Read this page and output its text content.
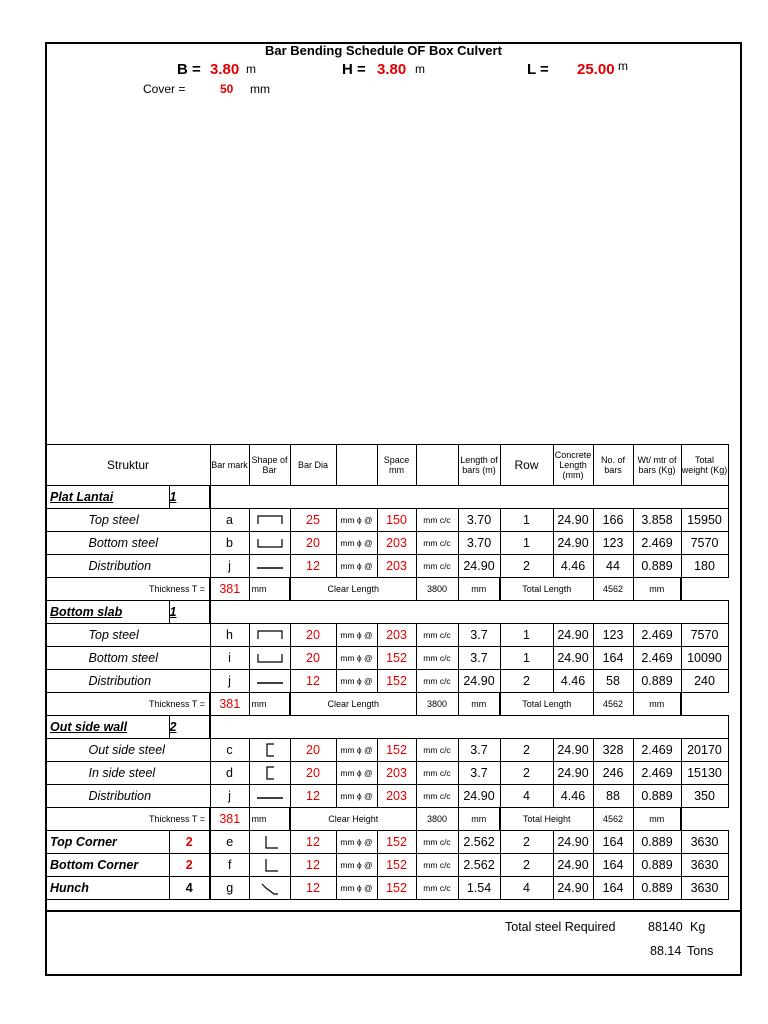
Bar Bending Schedule OF Box Culvert
B = 3.80 m	H = 3.80 m	L = 25.00 m
Cover =	50 mm
Struktur		Bar mark	Shape of Bar	Bar Dia		Space mm		Length of bars (m)	Row	Concrete Length (mm)	No. of bars	Wt/ mtr of bars (Kg)	Total weight (Kg)
Plat Lantai	1												
Top steel		a		25	mm ϕ @	150	mm c/c	3.70	1	24.90	166	3.858	15950
Bottom steel		b		20	mm ϕ @	203	mm c/c	3.70	1	24.90	123	2.469	7570
Distribution		j		12	mm ϕ @	203	mm c/c	24.90	2	4.46	44	0.889	180
Thickness T =		381	mm	Clear Length			3800	mm	Total Length		4562	mm	
Bottom slab	1												
Top steel		h		20	mm ϕ @	203	mm c/c	3.7	1	24.90	123	2.469	7570
Bottom steel		i		20	mm ϕ @	152	mm c/c	3.7	1	24.90	164	2.469	10090
Distribution		j		12	mm ϕ @	152	mm c/c	24.90	2	4.46	58	0.889	240
Thickness T =		381	mm	Clear Length			3800	mm	Total Length		4562	mm	
Out side wall	2												
Out side steel		c		20	mm ϕ @	152	mm c/c	3.7	2	24.90	328	2.469	20170
In side steel		d		20	mm ϕ @	203	mm c/c	3.7	2	24.90	246	2.469	15130
Distribution		j		12	mm ϕ @	203	mm c/c	24.90	4	4.46	88	0.889	350
Thickness T =		381	mm	Clear Height			3800	mm	Total Height		4562	mm	
Top Corner	2	e		12	mm ϕ @	152	mm c/c	2.562	2	24.90	164	0.889	3630
Bottom Corner	2	f		12	mm ϕ @	152	mm c/c	2.562	2	24.90	164	0.889	3630
Hunch	4	g		12	mm ϕ @	152	mm c/c	1.54	4	24.90	164	0.889	3630
Total steel Required	88140 Kg
88.14 Tons
